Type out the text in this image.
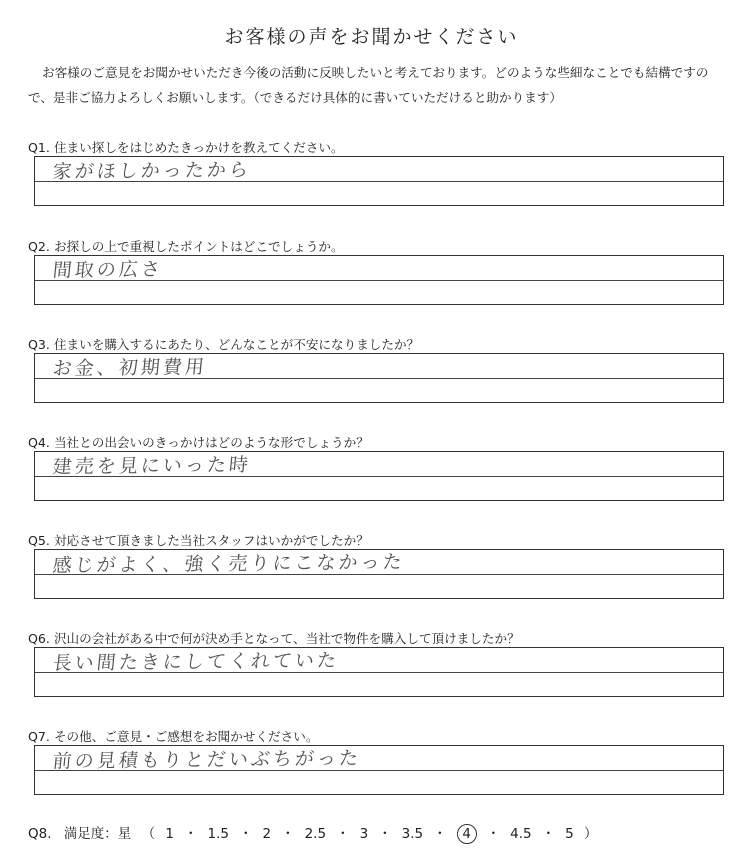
お客様の声をお聞かせください
お客様のご意見をお聞かせいただき今後の活動に反映したいと考えております。どのような些細なことでも結構ですので、是非ご協力よろしくお願いします。（できるだけ具体的に書いていただけると助かります）
Q1. 住まい探しをはじめたきっかけを教えてください。
家がほしかったから
Q2. お探しの上で重視したポイントはどこでしょうか。
間取の広さ
Q3. 住まいを購入するにあたり、どんなことが不安になりましたか？
お金、初期費用
Q4. 当社との出会いのきっかけはどのような形でしょうか？
建売を見にいった時
Q5. 対応させて頂きました当社スタッフはいかがでしたか？
感じがよく、強く売りにこなかった
Q6. 沢山の会社がある中で何が決め手となって、当社で物件を購入して頂けましたか？
長い間たきにしてくれていた
Q7. その他、ご意見・ご感想をお聞かせください。
前の見積もりとだいぶちがった
Q8. 満足度：星 （ 1 ・ 1.5 ・ 2 ・ 2.5 ・ 3 ・ 3.5 ・ 4 ・ 4.5 ・ 5 ）
